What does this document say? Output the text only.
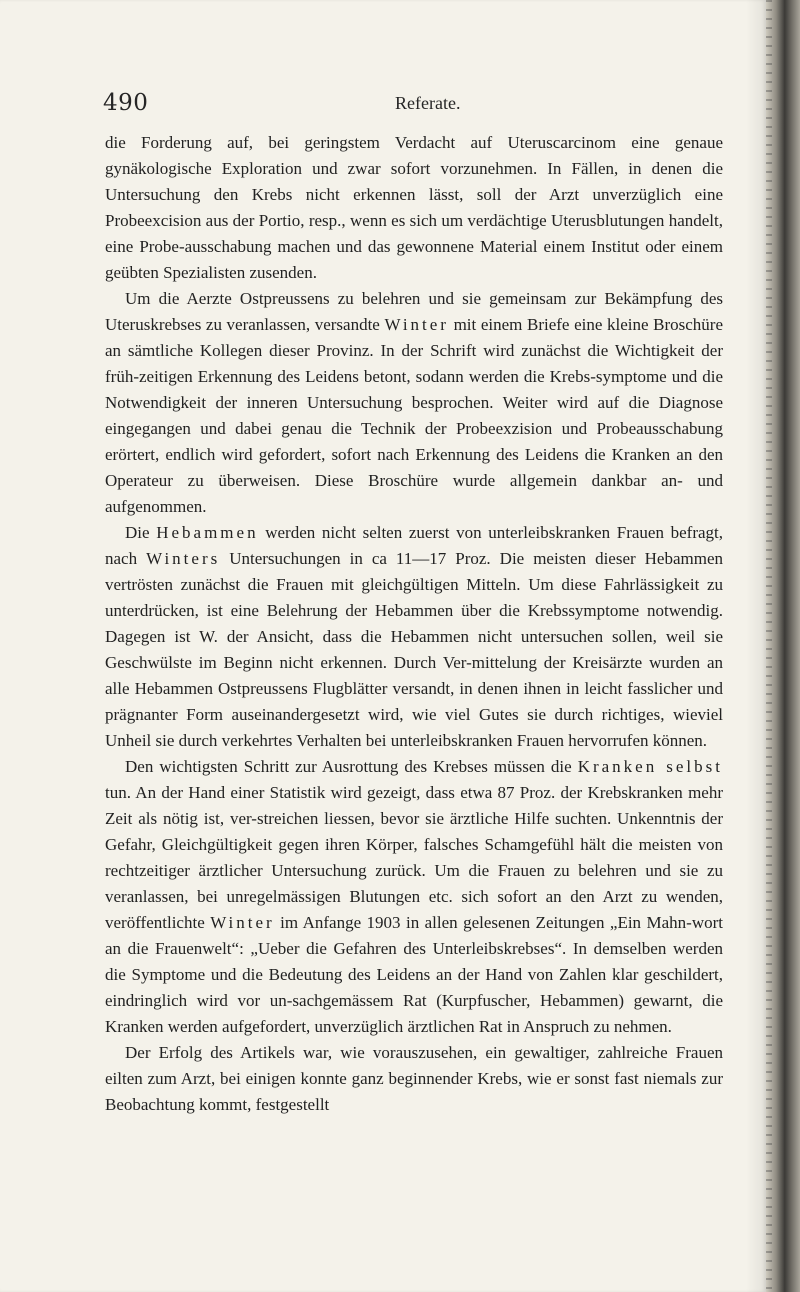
490	Referate.

die Forderung auf, bei geringstem Verdacht auf Uteruscarcinom eine genaue gynäkologische Exploration und zwar sofort vorzunehmen. In Fällen, in denen die Untersuchung den Krebs nicht erkennen lässt, soll der Arzt unverzüglich eine Probeexcision aus der Portio, resp., wenn es sich um verdächtige Uterusblutungen handelt, eine Probe-ausschabung machen und das gewonnene Material einem Institut oder einem geübten Spezialisten zusenden.

Um die Aerzte Ostpreussens zu belehren und sie gemeinsam zur Bekämpfung des Uteruskrebses zu veranlassen, versandte Winter mit einem Briefe eine kleine Broschüre an sämtliche Kollegen dieser Provinz. In der Schrift wird zunächst die Wichtigkeit der früh-zeitigen Erkennung des Leidens betont, sodann werden die Krebs-symptome und die Notwendigkeit der inneren Untersuchung besprochen. Weiter wird auf die Diagnose eingegangen und dabei genau die Technik der Probeexzision und Probeausschabung erörtert, endlich wird gefordert, sofort nach Erkennung des Leidens die Kranken an den Operateur zu überweisen. Diese Broschüre wurde allgemein dankbar an- und aufgenommen.

Die Hebammen werden nicht selten zuerst von unterleibskranken Frauen befragt, nach Winters Untersuchungen in ca 11—17 Proz. Die meisten dieser Hebammen vertrösten zunächst die Frauen mit gleichgültigen Mitteln. Um diese Fahrlässigkeit zu unterdrücken, ist eine Belehrung der Hebammen über die Krebssymptome notwendig. Dagegen ist W. der Ansicht, dass die Hebammen nicht untersuchen sollen, weil sie Geschwülste im Beginn nicht erkennen. Durch Ver-mittelung der Kreisärzte wurden an alle Hebammen Ostpreussens Flugblätter versandt, in denen ihnen in leicht fasslicher und prägnanter Form auseinandergesetzt wird, wie viel Gutes sie durch richtiges, wieviel Unheil sie durch verkehrtes Verhalten bei unterleibskranken Frauen hervorrufen können.

Den wichtigsten Schritt zur Ausrottung des Krebses müssen die Kranken selbst tun. An der Hand einer Statistik wird gezeigt, dass etwa 87 Proz. der Krebskranken mehr Zeit als nötig ist, ver-streichen liessen, bevor sie ärztliche Hilfe suchten. Unkenntnis der Gefahr, Gleichgültigkeit gegen ihren Körper, falsches Schamgefühl hält die meisten von rechtzeitiger ärztlicher Untersuchung zurück. Um die Frauen zu belehren und sie zu veranlassen, bei unregelmässigen Blutungen etc. sich sofort an den Arzt zu wenden, veröffentlichte Winter im Anfange 1903 in allen gelesenen Zeitungen „Ein Mahn-wort an die Frauenwelt“: „Ueber die Gefahren des Unterleibskrebses“. In demselben werden die Symptome und die Bedeutung des Leidens an der Hand von Zahlen klar geschildert, eindringlich wird vor un-sachgemässem Rat (Kurpfuscher, Hebammen) gewarnt, die Kranken werden aufgefordert, unverzüglich ärztlichen Rat in Anspruch zu nehmen.

Der Erfolg des Artikels war, wie vorauszusehen, ein gewaltiger, zahlreiche Frauen eilten zum Arzt, bei einigen konnte ganz beginnender Krebs, wie er sonst fast niemals zur Beobachtung kommt, festgestellt
